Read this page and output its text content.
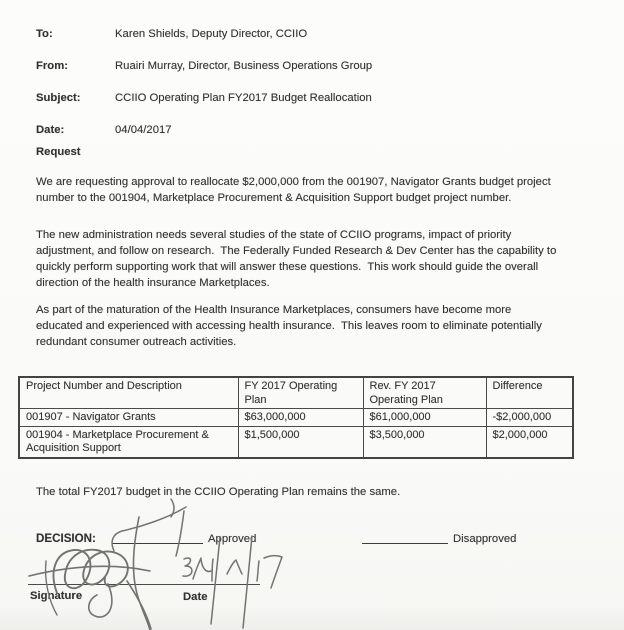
To:	Karen Shields, Deputy Director, CCIIO
From:	Ruairi Murray, Director, Business Operations Group
Subject:	CCIIO Operating Plan FY2017 Budget Reallocation
Date:	04/04/2017
Request
We are requesting approval to reallocate $2,000,000 from the 001907, Navigator Grants budget project
number to the 001904, Marketplace Procurement & Acquisition Support budget project number.
The new administration needs several studies of the state of CCIIO programs, impact of priority
adjustment, and follow on research.  The Federally Funded Research & Dev Center has the capability to
quickly perform supporting work that will answer these questions.  This work should guide the overall
direction of the health insurance Marketplaces.
As part of the maturation of the Health Insurance Marketplaces, consumers have become more
educated and experienced with accessing health insurance.  This leaves room to eliminate potentially
redundant consumer outreach activities.
Project Number and Description	FY 2017 Operating Plan	Rev. FY 2017 Operating Plan	Difference
001907 - Navigator Grants	$63,000,000	$61,000,000	-$2,000,000
001904 - Marketplace Procurement & Acquisition Support	$1,500,000	$3,500,000	$2,000,000
The total FY2017 budget in the CCIIO Operating Plan remains the same.
DECISION:	Approved	Disapproved
Signature	Date
